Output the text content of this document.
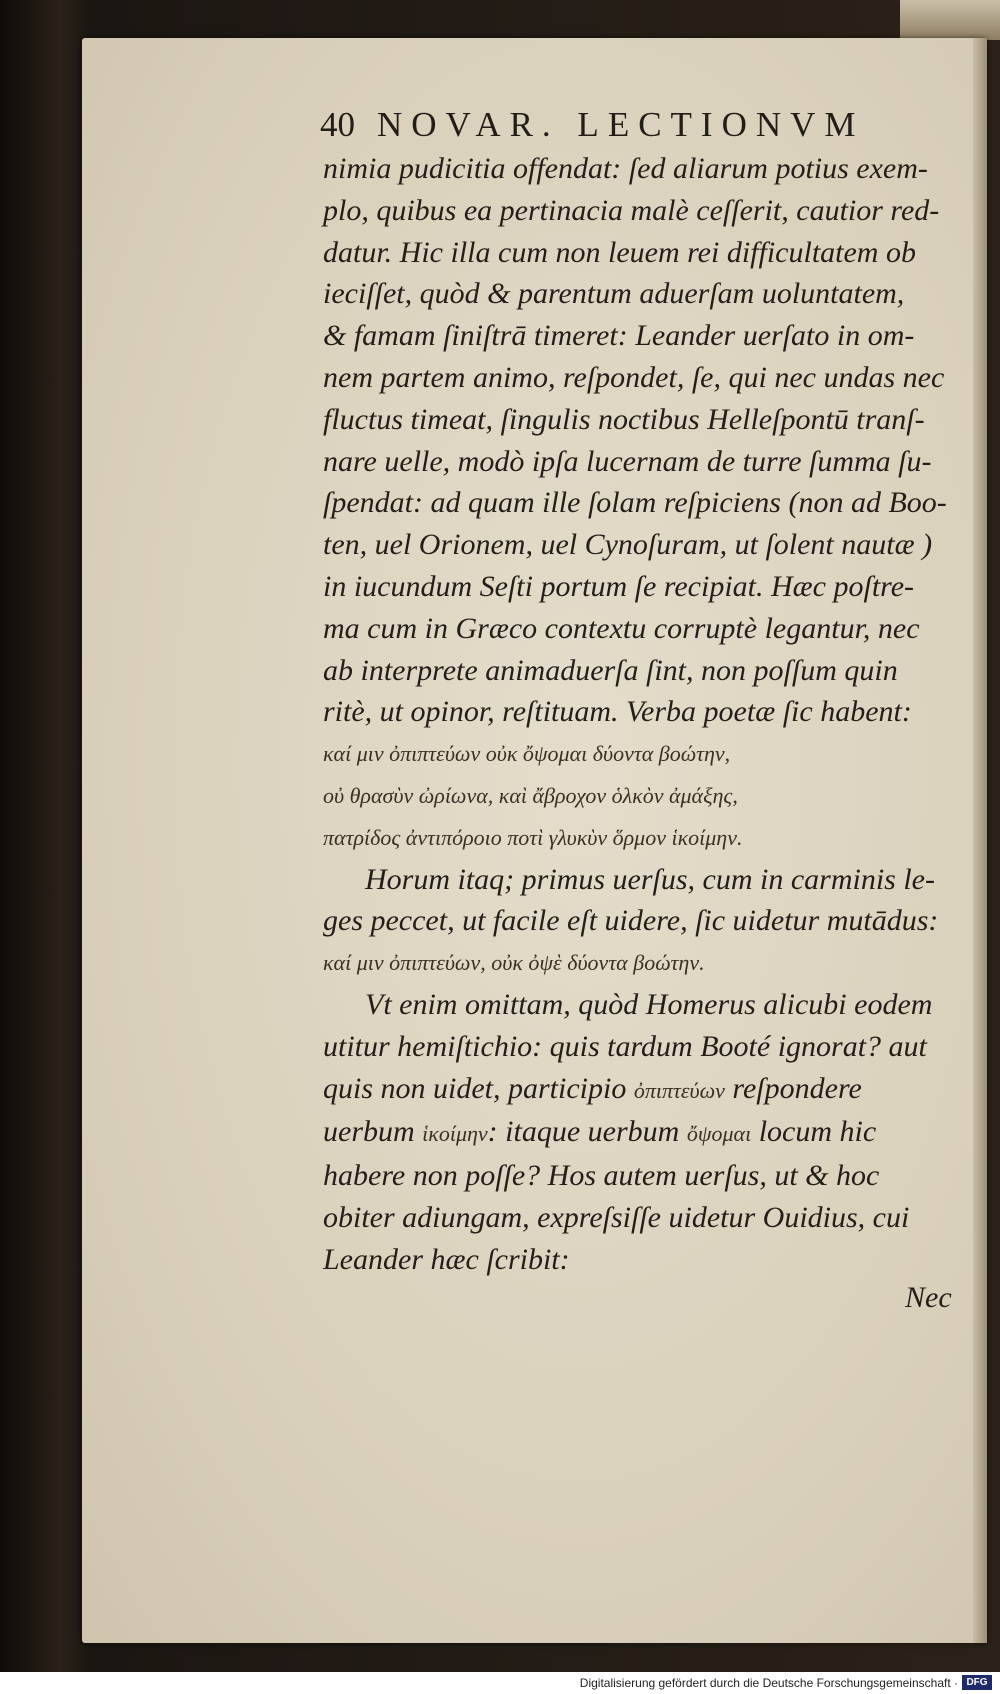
40 NOVAR. LECTIONVM
nimia pudicitia offendat: ſed aliarum potius exem-
plo, quibus ea pertinacia malè ceſſerit, cautior red-
datur. Hic illa cum non leuem rei difficultatem ob
ieciſſet, quòd & parentum aduerſam uoluntatem,
& famam ſiniſtrā timeret: Leander uerſato in om-
nem partem animo, reſpondet, ſe, qui nec undas nec
fluctus timeat, ſingulis noctibus Helleſpontū tranſ-
nare uelle, modò ipſa lucernam de turre ſumma ſu-
ſpendat: ad quam ille ſolam reſpiciens (non ad Boo-
ten, uel Orionem, uel Cynoſuram, ut ſolent nautæ )
in iucundum Seſti portum ſe recipiat. Hæc poſtre-
ma cum in Græco contextu corruptè legantur, nec
ab interprete animaduerſa ſint, non poſſum quin
ritè, ut opinor, reſtituam. Verba poetæ ſic habent:
καί μιν ὀπιπτεύων οὐκ ὄψομαι δύοντα βοώτην,
οὐ θρασὺν ὠρίωνα, καὶ ἄβροχον ὁλκὸν ἀμάξης,
πατρίδος ἀντιπόροιο ποτὶ γλυκὺν ὅρμον ἱκοίμην.
Horum itaq; primus uerſus, cum in carminis le-
ges peccet, ut facile eſt uidere, ſic uidetur mutādus:
καί μιν ὀπιπτεύων, οὐκ ὀψὲ δύοντα βοώτην.
Vt enim omittam, quòd Homerus alicubi eodem
utitur hemiſtichio: quis tardum Booté ignorat? aut
quis non uidet, participio ὀπιπτεύων reſpondere
uerbum ἱκοίμην: itaque uerbum ὄψομαι locum hic
habere non poſſe? Hos autem uerſus, ut & hoc
obiter adiungam, expreſsiſſe uidetur Ouidius, cui
Leander hæc ſcribit:
Nec
Digitalisierung gefördert durch die Deutsche Forschungsgemeinschaft · DFG
